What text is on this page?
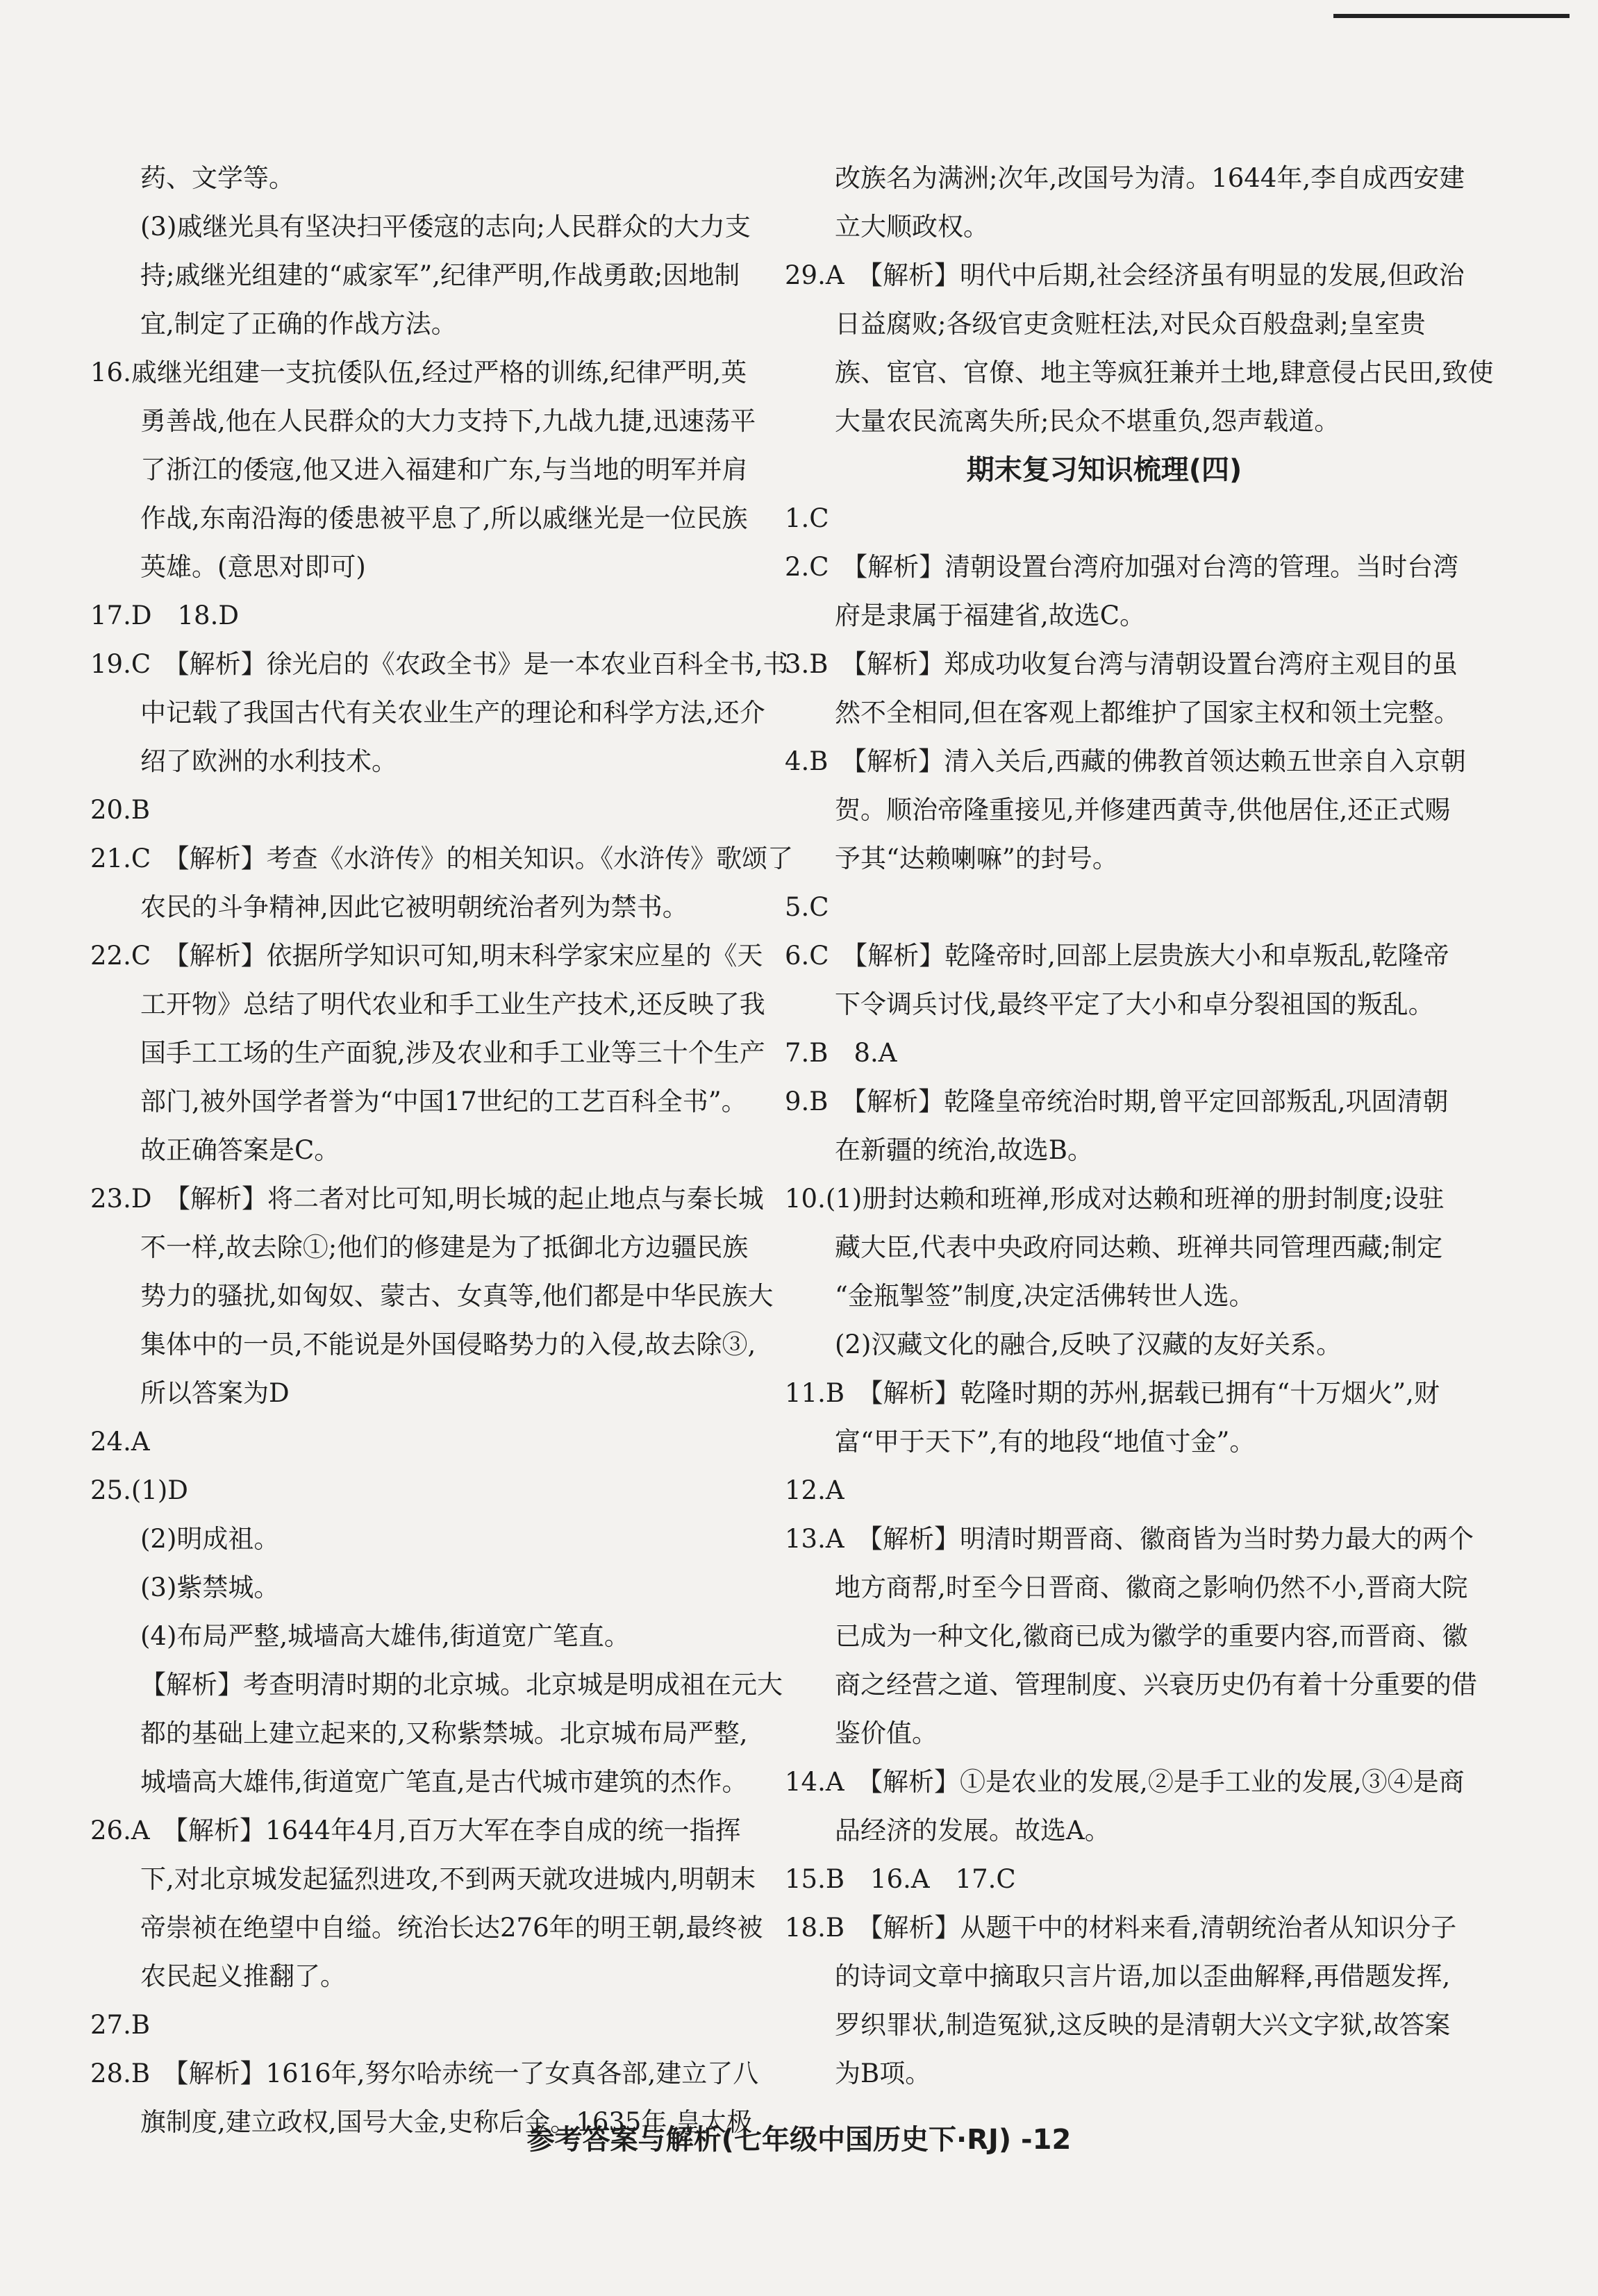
药、文学等。
(3)戚继光具有坚决扫平倭寇的志向;人民群众的大力支
持;戚继光组建的“戚家军”,纪律严明,作战勇敢;因地制
宜,制定了正确的作战方法。
16.戚继光组建一支抗倭队伍,经过严格的训练,纪律严明,英
勇善战,他在人民群众的大力支持下,九战九捷,迅速荡平
了浙江的倭寇,他又进入福建和广东,与当地的明军并肩
作战,东南沿海的倭患被平息了,所以戚继光是一位民族
英雄。(意思对即可)
17.D　18.D
19.C　【解析】徐光启的《农政全书》是一本农业百科全书,书
中记载了我国古代有关农业生产的理论和科学方法,还介
绍了欧洲的水利技术。
20.B
21.C　【解析】考查《水浒传》的相关知识。《水浒传》歌颂了
农民的斗争精神,因此它被明朝统治者列为禁书。
22.C　【解析】依据所学知识可知,明末科学家宋应星的《天
工开物》总结了明代农业和手工业生产技术,还反映了我
国手工工场的生产面貌,涉及农业和手工业等三十个生产
部门,被外国学者誉为“中国17世纪的工艺百科全书”。
故正确答案是C。
23.D　【解析】将二者对比可知,明长城的起止地点与秦长城
不一样,故去除①;他们的修建是为了抵御北方边疆民族
势力的骚扰,如匈奴、蒙古、女真等,他们都是中华民族大
集体中的一员,不能说是外国侵略势力的入侵,故去除③,
所以答案为D
24.A
25.(1)D
(2)明成祖。
(3)紫禁城。
(4)布局严整,城墙高大雄伟,街道宽广笔直。
【解析】考查明清时期的北京城。北京城是明成祖在元大
都的基础上建立起来的,又称紫禁城。北京城布局严整,
城墙高大雄伟,街道宽广笔直,是古代城市建筑的杰作。
26.A　【解析】1644年4月,百万大军在李自成的统一指挥
下,对北京城发起猛烈进攻,不到两天就攻进城内,明朝末
帝崇祯在绝望中自缢。统治长达276年的明王朝,最终被
农民起义推翻了。
27.B
28.B　【解析】1616年,努尔哈赤统一了女真各部,建立了八
旗制度,建立政权,国号大金,史称后金。1635年,皇太极
改族名为满洲;次年,改国号为清。1644年,李自成西安建
立大顺政权。
29.A　【解析】明代中后期,社会经济虽有明显的发展,但政治
日益腐败;各级官吏贪赃枉法,对民众百般盘剥;皇室贵
族、宦官、官僚、地主等疯狂兼并土地,肆意侵占民田,致使
大量农民流离失所;民众不堪重负,怨声载道。
期末复习知识梳理(四)
1.C
2.C　【解析】清朝设置台湾府加强对台湾的管理。当时台湾
府是隶属于福建省,故选C。
3.B　【解析】郑成功收复台湾与清朝设置台湾府主观目的虽
然不全相同,但在客观上都维护了国家主权和领土完整。
4.B　【解析】清入关后,西藏的佛教首领达赖五世亲自入京朝
贺。顺治帝隆重接见,并修建西黄寺,供他居住,还正式赐
予其“达赖喇嘛”的封号。
5.C
6.C　【解析】乾隆帝时,回部上层贵族大小和卓叛乱,乾隆帝
下令调兵讨伐,最终平定了大小和卓分裂祖国的叛乱。
7.B　8.A
9.B　【解析】乾隆皇帝统治时期,曾平定回部叛乱,巩固清朝
在新疆的统治,故选B。
10.(1)册封达赖和班禅,形成对达赖和班禅的册封制度;设驻
藏大臣,代表中央政府同达赖、班禅共同管理西藏;制定
“金瓶掣签”制度,决定活佛转世人选。
(2)汉藏文化的融合,反映了汉藏的友好关系。
11.B　【解析】乾隆时期的苏州,据载已拥有“十万烟火”,财
富“甲于天下”,有的地段“地值寸金”。
12.A
13.A　【解析】明清时期晋商、徽商皆为当时势力最大的两个
地方商帮,时至今日晋商、徽商之影响仍然不小,晋商大院
已成为一种文化,徽商已成为徽学的重要内容,而晋商、徽
商之经营之道、管理制度、兴衰历史仍有着十分重要的借
鉴价值。
14.A　【解析】①是农业的发展,②是手工业的发展,③④是商
品经济的发展。故选A。
15.B　16.A　17.C
18.B　【解析】从题干中的材料来看,清朝统治者从知识分子
的诗词文章中摘取只言片语,加以歪曲解释,再借题发挥,
罗织罪状,制造冤狱,这反映的是清朝大兴文字狱,故答案
为B项。
参考答案与解析(七年级中国历史下·RJ) -12
